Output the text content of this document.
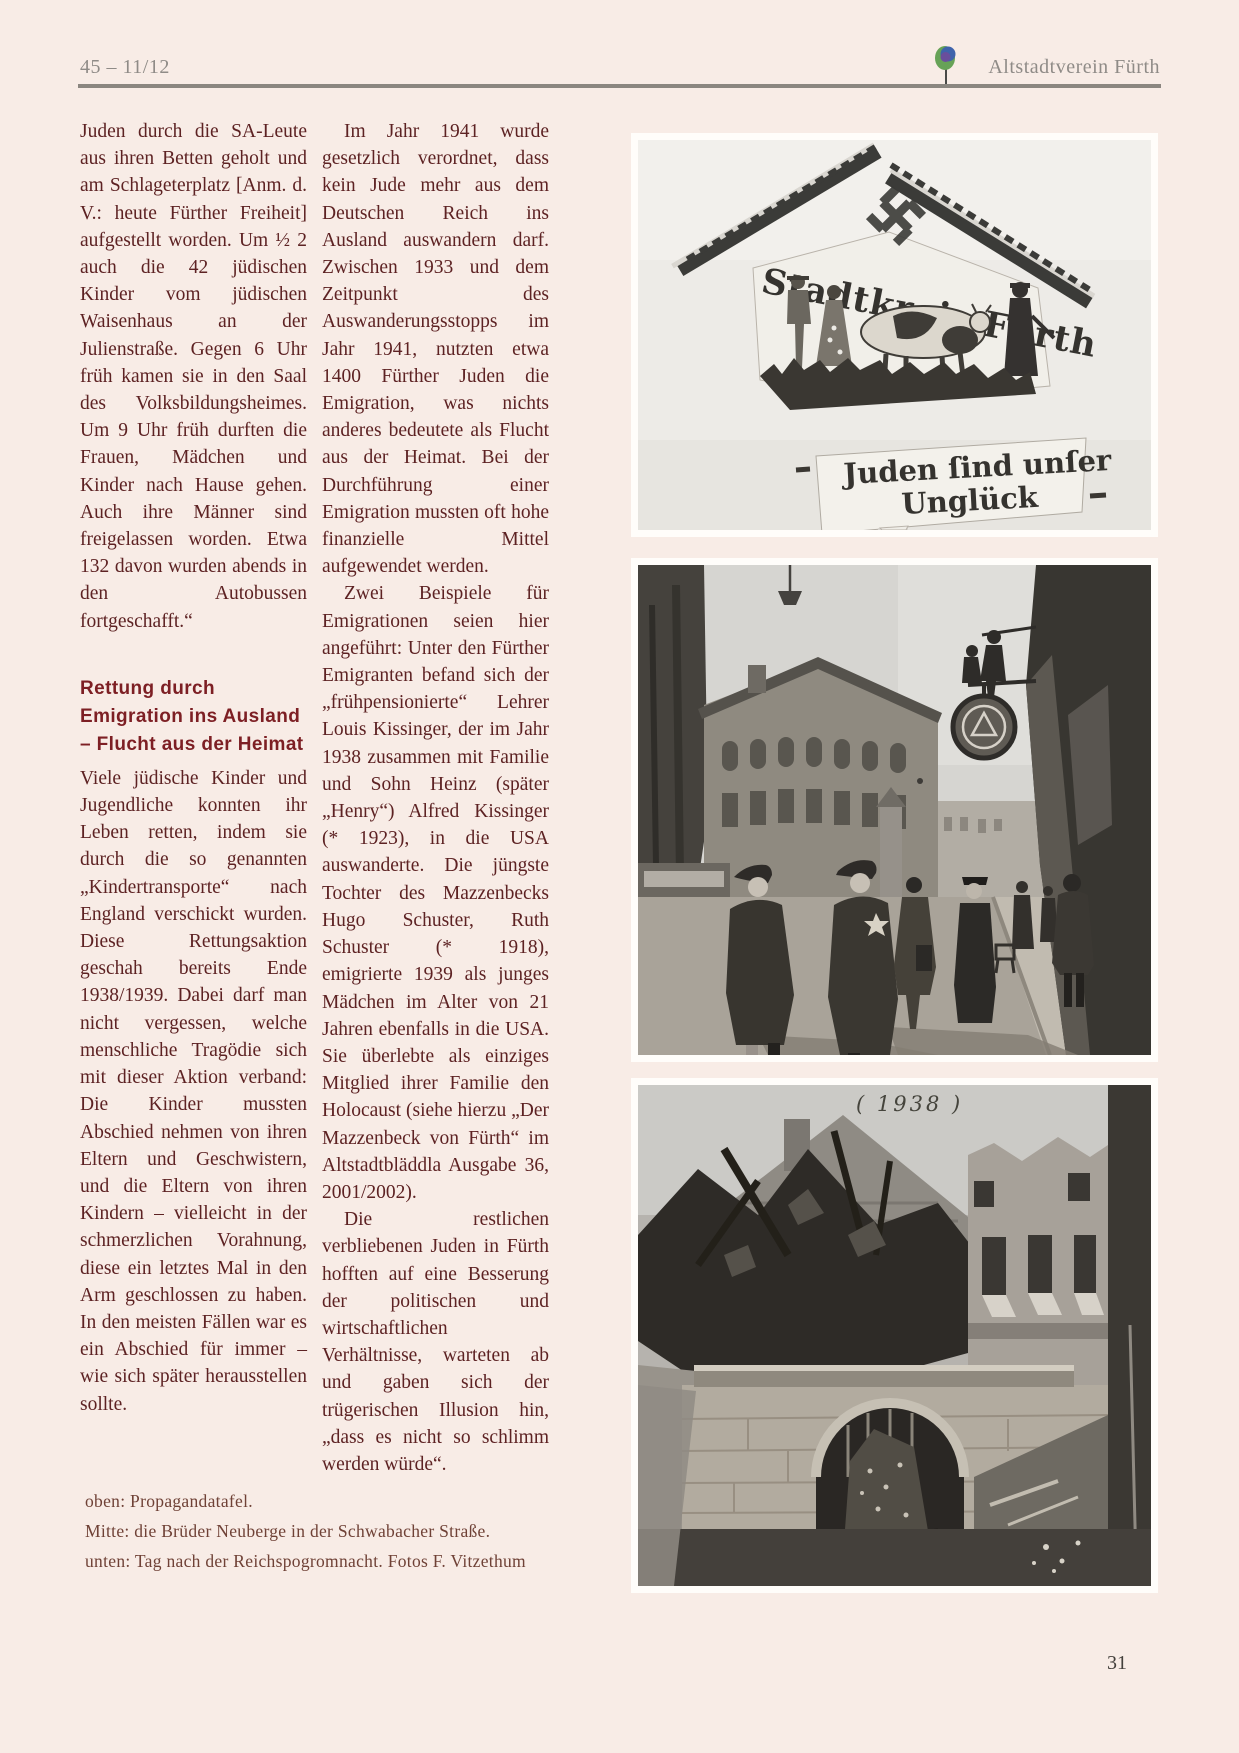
45 – 11/12	Altstadtverein Fürth

Juden durch die SA-Leute aus ihren Betten geholt und am Schlageterplatz [Anm. d. V.: heute Fürther Freiheit] aufgestellt worden. Um ½ 2 auch die 42 jüdischen Kinder vom jüdischen Waisenhaus an der Julienstraße. Gegen 6 Uhr früh kamen sie in den Saal des Volksbildungsheimes. Um 9 Uhr früh durften die Frauen, Mädchen und Kinder nach Hause gehen. Auch ihre Männer sind freigelassen worden. Etwa 132 davon wurden abends in den Autobussen fortgeschafft.“

Rettung durch Emigration ins Ausland – Flucht aus der Heimat

Viele jüdische Kinder und Jugendliche konnten ihr Leben retten, indem sie durch die so genannten „Kindertransporte“ nach England verschickt wurden. Diese Rettungsaktion geschah bereits Ende 1938/1939. Dabei darf man nicht vergessen, welche menschliche Tragödie sich mit dieser Aktion verband: Die Kinder mussten Abschied nehmen von ihren Eltern und Geschwistern, und die Eltern von ihren Kindern – vielleicht in der schmerzlichen Vorahnung, diese ein letztes Mal in den Arm geschlossen zu haben. In den meisten Fällen war es ein Abschied für immer – wie sich später herausstellen sollte.

Im Jahr 1941 wurde gesetzlich verordnet, dass kein Jude mehr aus dem Deutschen Reich ins Ausland auswandern darf. Zwischen 1933 und dem Zeitpunkt des Auswanderungsstopps im Jahr 1941, nutzten etwa 1400 Fürther Juden die Emigration, was nichts anderes bedeutete als Flucht aus der Heimat. Bei der Durchführung einer Emigration mussten oft hohe finanzielle Mittel aufgewendet werden.

Zwei Beispiele für Emigrationen seien hier angeführt: Unter den Fürther Emigranten befand sich der „frühpensionierte“ Lehrer Louis Kissinger, der im Jahr 1938 zusammen mit Familie und Sohn Heinz (später „Henry“) Alfred Kissinger (* 1923), in die USA auswanderte. Die jüngste Tochter des Mazzenbecks Hugo Schuster, Ruth Schuster (* 1918), emigrierte 1939 als junges Mädchen im Alter von 21 Jahren ebenfalls in die USA. Sie überlebte als einziges Mitglied ihrer Familie den Holocaust (siehe hierzu „Der Mazzenbeck von Fürth“ im Altstadtbläddla Ausgabe 36, 2001/2002).

Die restlichen verbliebenen Juden in Fürth hofften auf eine Besserung der politischen und wirtschaftlichen Verhältnisse, warteten ab und gaben sich der trügerischen Illusion hin, „dass es nicht so schlimm werden würde“.

Stadtkreis Fürth
Juden ſind unſer
Unglück
( 1938 )
oben: Propagandatafel.
Mitte: die Brüder Neuberge in der Schwabacher Straße.
unten: Tag nach der Reichspogromnacht. Fotos F. Vitzethum
31
